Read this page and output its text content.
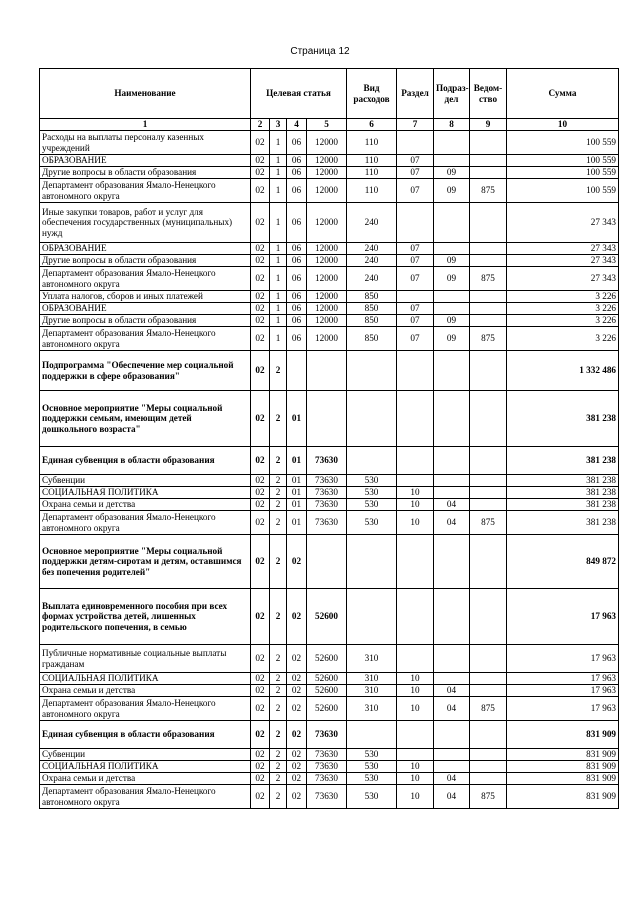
Страница 12
Наименование	Целевая статья				Вид расходов	Раздел	Подраз-дел	Ведом-ство	Сумма
1	2	3	4	5	6	7	8	9	10
Расходы на выплаты персоналу казенных учреждений	02	1	06	12000	110				100 559
ОБРАЗОВАНИЕ	02	1	06	12000	110	07			100 559
Другие вопросы в области образования	02	1	06	12000	110	07	09		100 559
Департамент образования Ямало-Ненецкого автономного округа	02	1	06	12000	110	07	09	875	100 559
Иные закупки товаров, работ и услуг для обеспечения государственных (муниципальных) нужд	02	1	06	12000	240				27 343
ОБРАЗОВАНИЕ	02	1	06	12000	240	07			27 343
Другие вопросы в области образования	02	1	06	12000	240	07	09		27 343
Департамент образования Ямало-Ненецкого автономного округа	02	1	06	12000	240	07	09	875	27 343
Уплата налогов, сборов и иных платежей	02	1	06	12000	850				3 226
ОБРАЗОВАНИЕ	02	1	06	12000	850	07			3 226
Другие вопросы в области образования	02	1	06	12000	850	07	09		3 226
Департамент образования Ямало-Ненецкого автономного округа	02	1	06	12000	850	07	09	875	3 226
Подпрограмма "Обеспечение мер социальной поддержки в сфере образования"	02	2							1 332 486
Основное мероприятие "Меры социальной поддержки семьям, имеющим детей дошкольного возраста"	02	2	01						381 238
Единая субвенция в области образования	02	2	01	73630					381 238
Субвенции	02	2	01	73630	530				381 238
СОЦИАЛЬНАЯ ПОЛИТИКА	02	2	01	73630	530	10			381 238
Охрана семьи и детства	02	2	01	73630	530	10	04		381 238
Департамент образования Ямало-Ненецкого автономного округа	02	2	01	73630	530	10	04	875	381 238
Основное мероприятие "Меры социальной поддержки детям-сиротам и детям, оставшимся без попечения родителей"	02	2	02						849 872
Выплата единовременного пособия при всех формах устройства детей, лишенных родительского попечения, в семью	02	2	02	52600					17 963
Публичные нормативные социальные выплаты гражданам	02	2	02	52600	310				17 963
СОЦИАЛЬНАЯ ПОЛИТИКА	02	2	02	52600	310	10			17 963
Охрана семьи и детства	02	2	02	52600	310	10	04		17 963
Департамент образования Ямало-Ненецкого автономного округа	02	2	02	52600	310	10	04	875	17 963
Единая субвенция в области образования	02	2	02	73630					831 909
Субвенции	02	2	02	73630	530				831 909
СОЦИАЛЬНАЯ ПОЛИТИКА	02	2	02	73630	530	10			831 909
Охрана семьи и детства	02	2	02	73630	530	10	04		831 909
Департамент образования Ямало-Ненецкого автономного округа	02	2	02	73630	530	10	04	875	831 909
